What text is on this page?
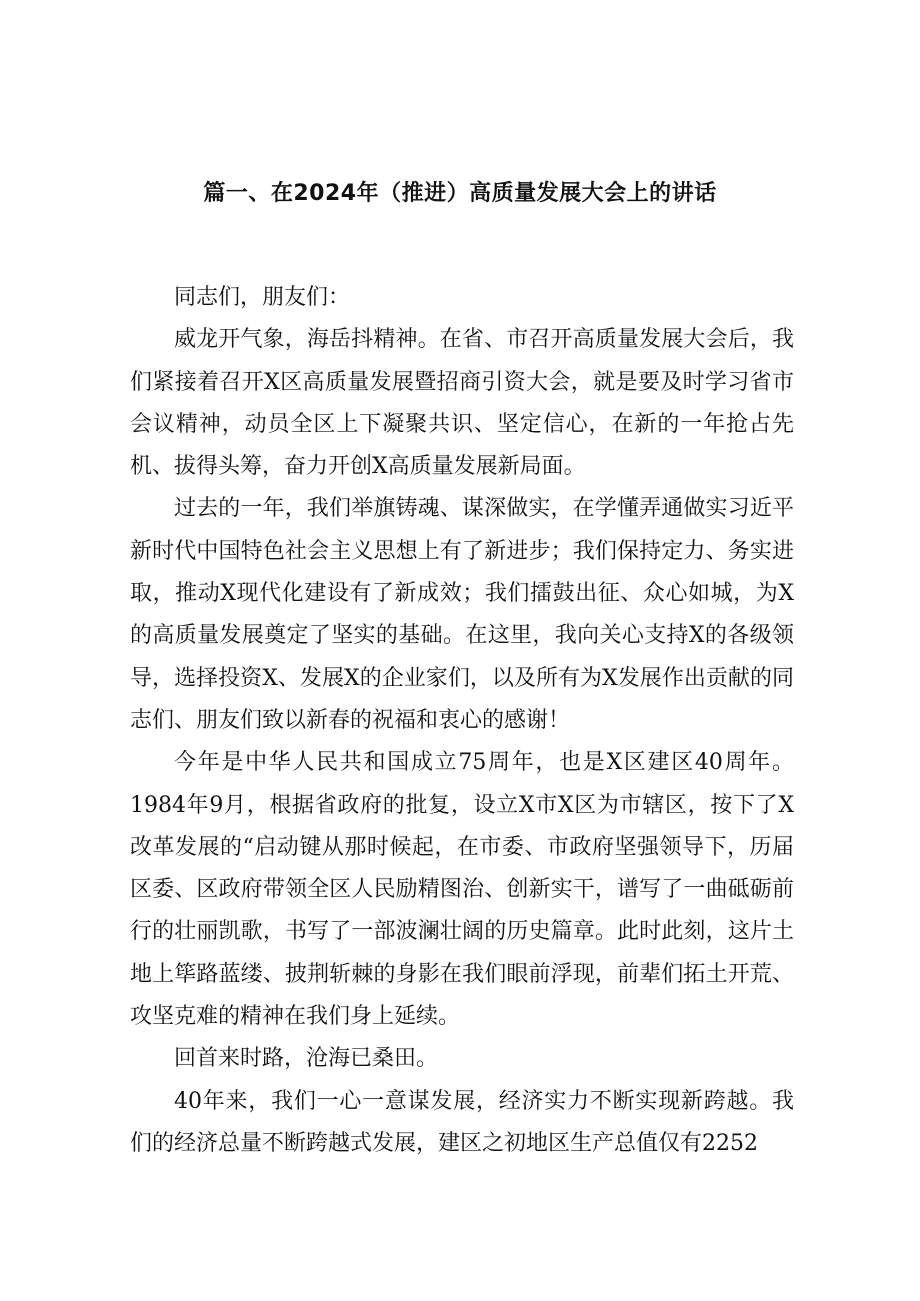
篇一、在2024年（推进）高质量发展大会上的讲话

同志们，朋友们：

威龙开气象，海岳抖精神。在省、市召开高质量发展大会后，我们紧接着召开X区高质量发展暨招商引资大会，就是要及时学习省市会议精神，动员全区上下凝聚共识、坚定信心，在新的一年抢占先机、拔得头筹，奋力开创X高质量发展新局面。

过去的一年，我们举旗铸魂、谋深做实，在学懂弄通做实习近平新时代中国特色社会主义思想上有了新进步；我们保持定力、务实进取，推动X现代化建设有了新成效；我们擂鼓出征、众心如城，为X的高质量发展奠定了坚实的基础。在这里，我向关心支持X的各级领导，选择投资X、发展X的企业家们，以及所有为X发展作出贡献的同志们、朋友们致以新春的祝福和衷心的感谢！

今年是中华人民共和国成立75周年，也是X区建区40周年。1984年9月，根据省政府的批复，设立X市X区为市辖区，按下了X改革发展的“启动键从那时候起，在市委、市政府坚强领导下，历届区委、区政府带领全区人民励精图治、创新实干，谱写了一曲砥砺前行的壮丽凯歌，书写了一部波澜壮阔的历史篇章。此时此刻，这片土地上筚路蓝缕、披荆斩棘的身影在我们眼前浮现，前辈们拓土开荒、攻坚克难的精神在我们身上延续。

回首来时路，沧海已桑田。

40年来，我们一心一意谋发展，经济实力不断实现新跨越。我们的经济总量不断跨越式发展，建区之初地区生产总值仅有2252
